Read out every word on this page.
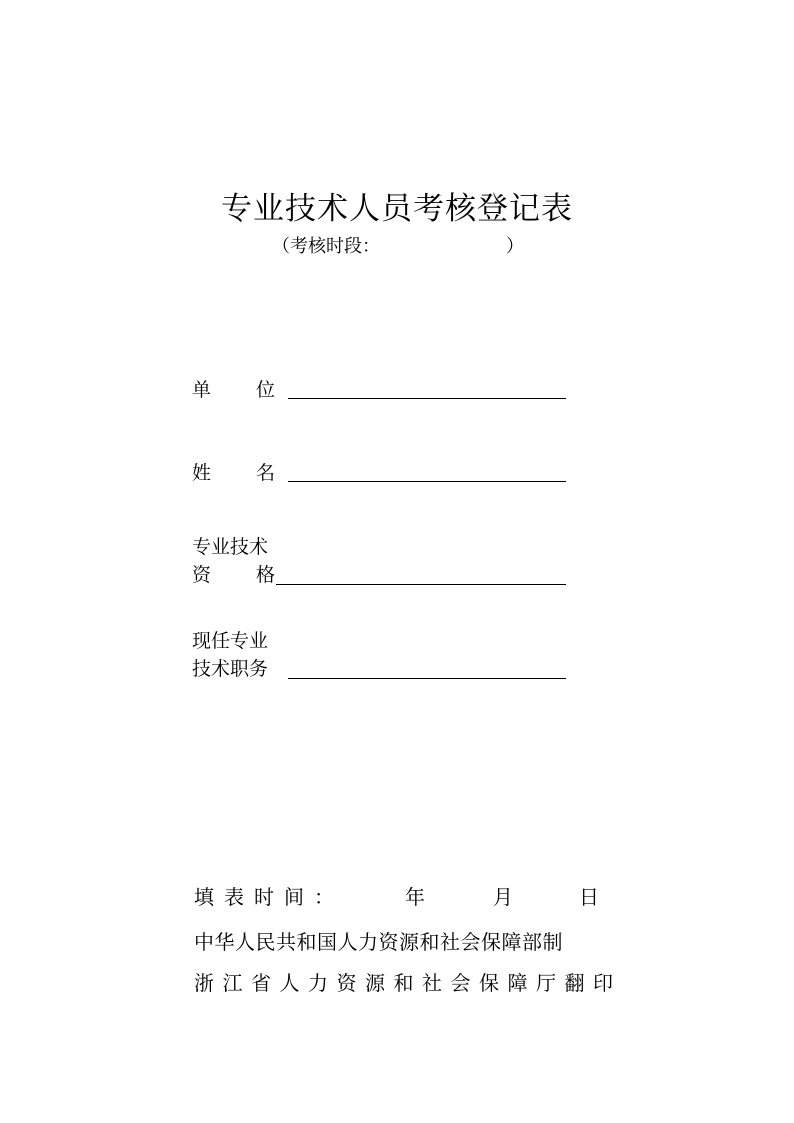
专业技术人员考核登记表
（考核时段：	）
单 位
姓 名
专业技术
资 格
现任专业
技术职务
填表时间：	年	月	日
中华人民共和国人力资源和社会保障部制
浙江省人力资源和社会保障厅翻印
